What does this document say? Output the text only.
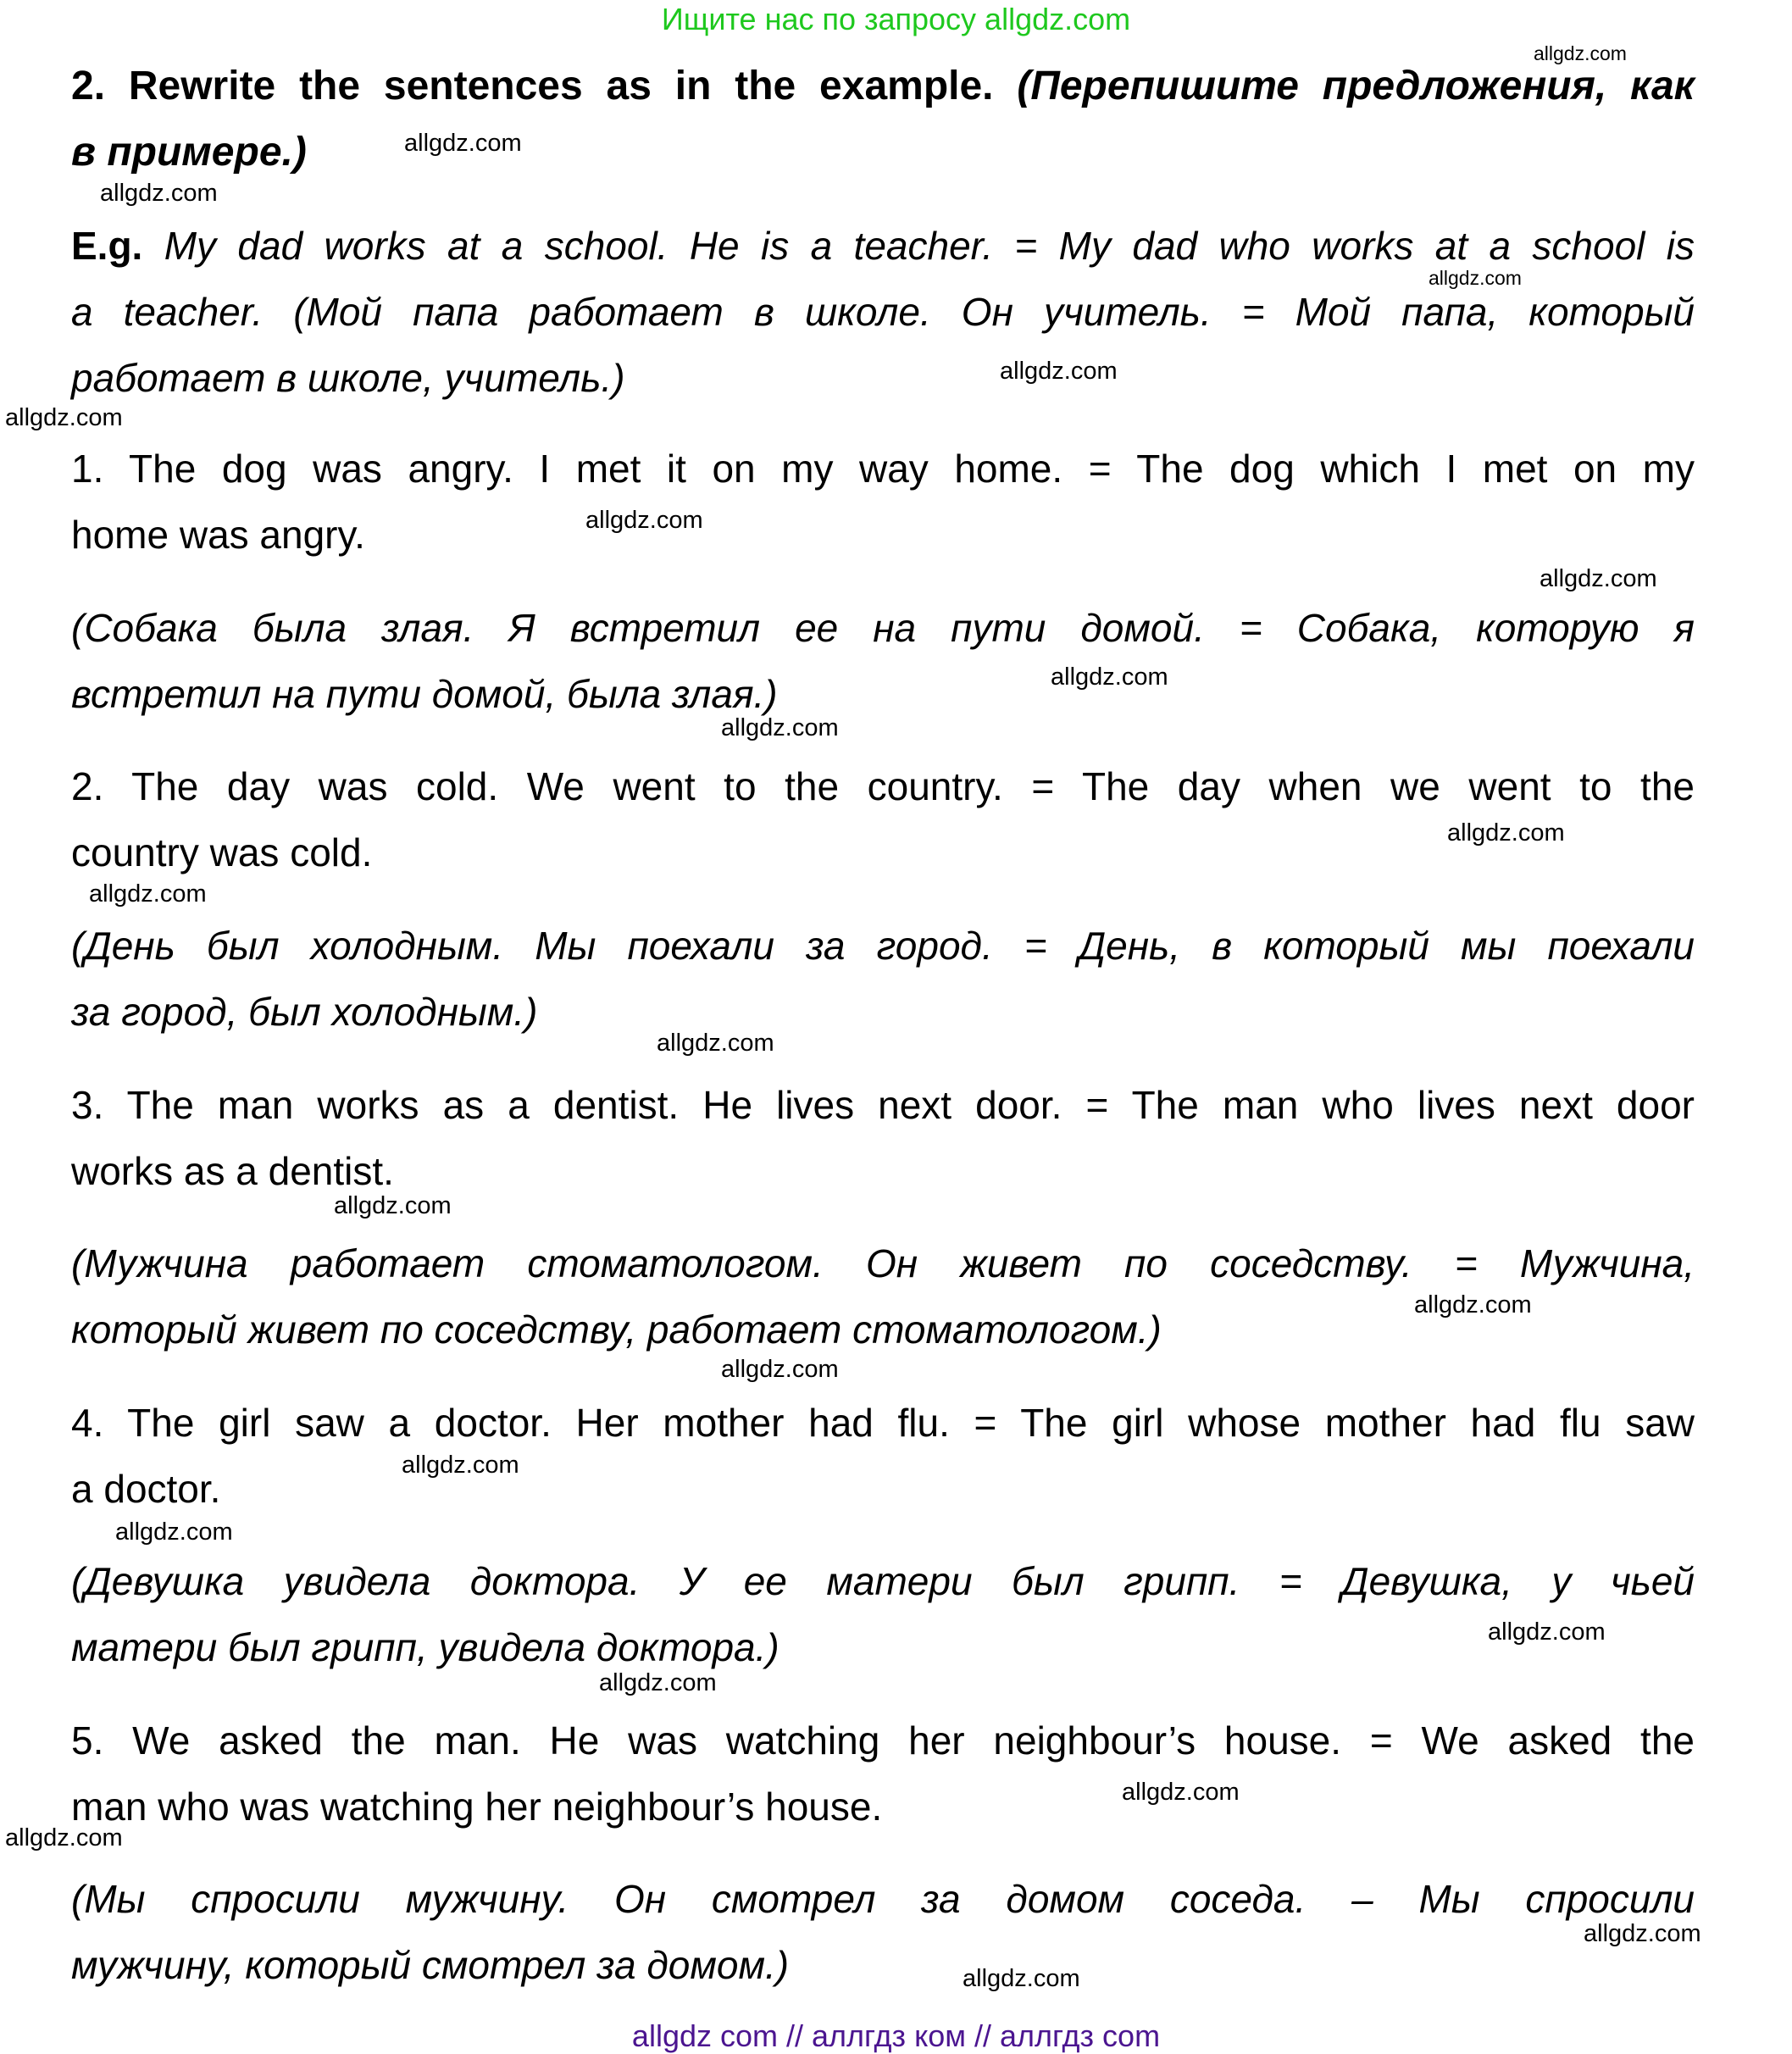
Ищите нас по запросу allgdz.com
2. Rewrite the sentences as in the example. (Перепишите предложения, как
в примере.)
E.g. My dad works at a school. He is a teacher. = My dad who works at a school is
a teacher. (Мой папа работает в школе. Он учитель. = Мой папа, который
работает в школе, учитель.)
1. The dog was angry. I met it on my way home. = The dog which I met on my
home was angry.
(Собака была злая. Я встретил ее на пути домой. = Собака, которую я
встретил на пути домой, была злая.)
2. The day was cold. We went to the country. = The day when we went to the
country was cold.
(День был холодным. Мы поехали за город. = День, в который мы поехали
за город, был холодным.)
3. The man works as a dentist. He lives next door. = The man who lives next door
works as a dentist.
(Мужчина работает стоматологом. Он живет по соседству. = Мужчина,
который живет по соседству, работает стоматологом.)
4. The girl saw a doctor. Her mother had flu. = The girl whose mother had flu saw
a doctor.
(Девушка увидела доктора. У ее матери был грипп. = Девушка, у чьей
матери был грипп, увидела доктора.)
5. We asked the man. He was watching her neighbour’s house. = We asked the
man who was watching her neighbour’s house.
(Мы спросили мужчину. Он смотрел за домом соседа. – Мы спросили
мужчину, который смотрел за домом.)
allgdz.com
allgdz.com
allgdz.com
allgdz.com
allgdz.com
allgdz.com
allgdz.com
allgdz.com
allgdz.com
allgdz.com
allgdz.com
allgdz.com
allgdz.com
allgdz.com
allgdz.com
allgdz.com
allgdz.com
allgdz.com
allgdz.com
allgdz.com
allgdz.com
allgdz.com
allgdz.com
allgdz.com
allgdz com // аллгдз ком // аллгдз com
